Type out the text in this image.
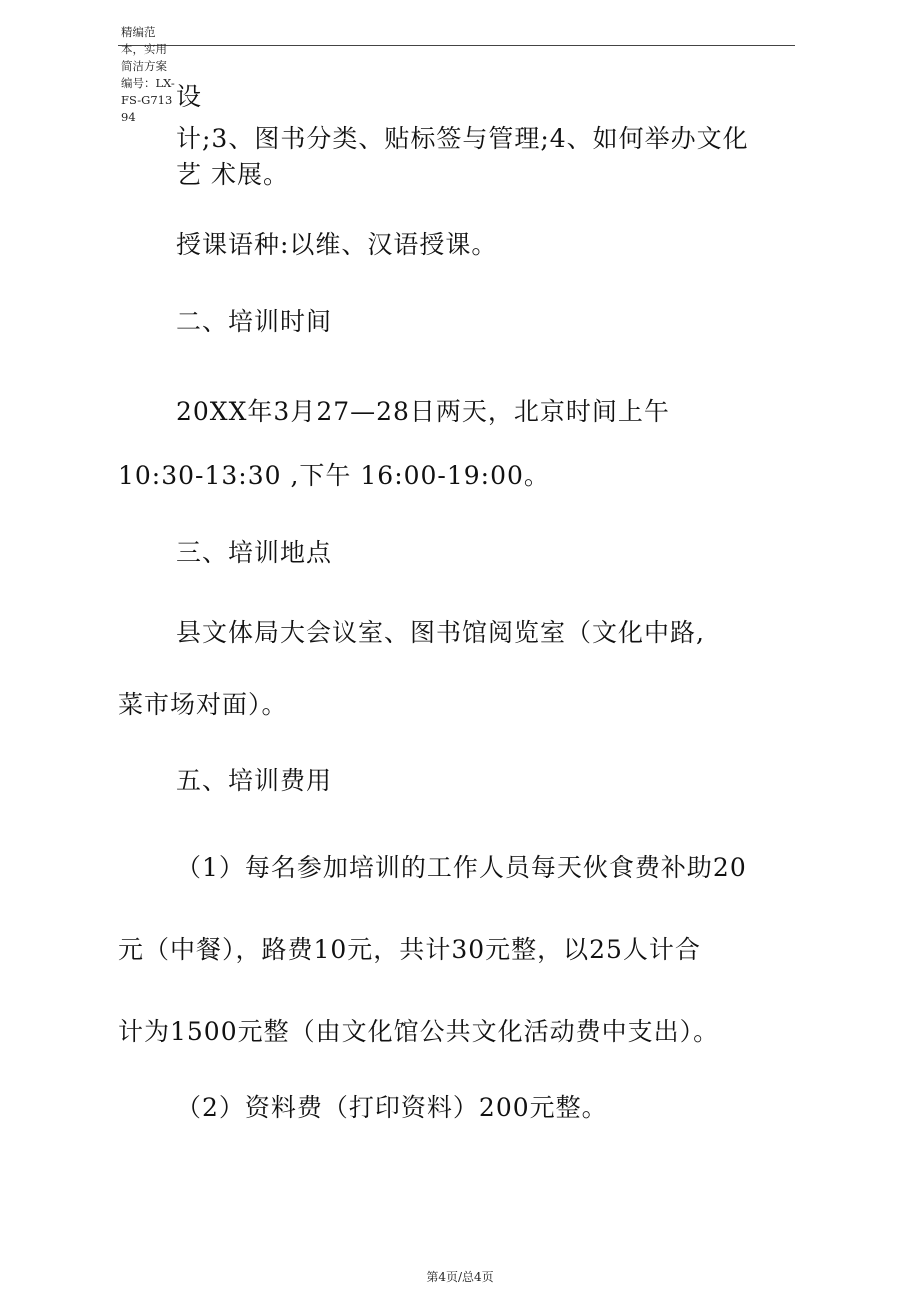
精编范本，实用简洁方案编号：LX-FS-G71394
设
计;3、图书分类、贴标签与管理;4、如何举办文化
艺 术展。
授课语种:以维、汉语授课。
二、培训时间
20XX年3月27—28日两天，北京时间上午
10:30-13:30 ,下午 16:00-19:00。
三、培训地点
县文体局大会议室、图书馆阅览室（文化中路,
菜市场对面）。
五、培训费用
（1）每名参加培训的工作人员每天伙食费补助20
元（中餐），路费10元，共计30元整，以25人计合
计为1500元整（由文化馆公共文化活动费中支出）。
（2）资料费（打印资料）200元整。
第4页/总4页
